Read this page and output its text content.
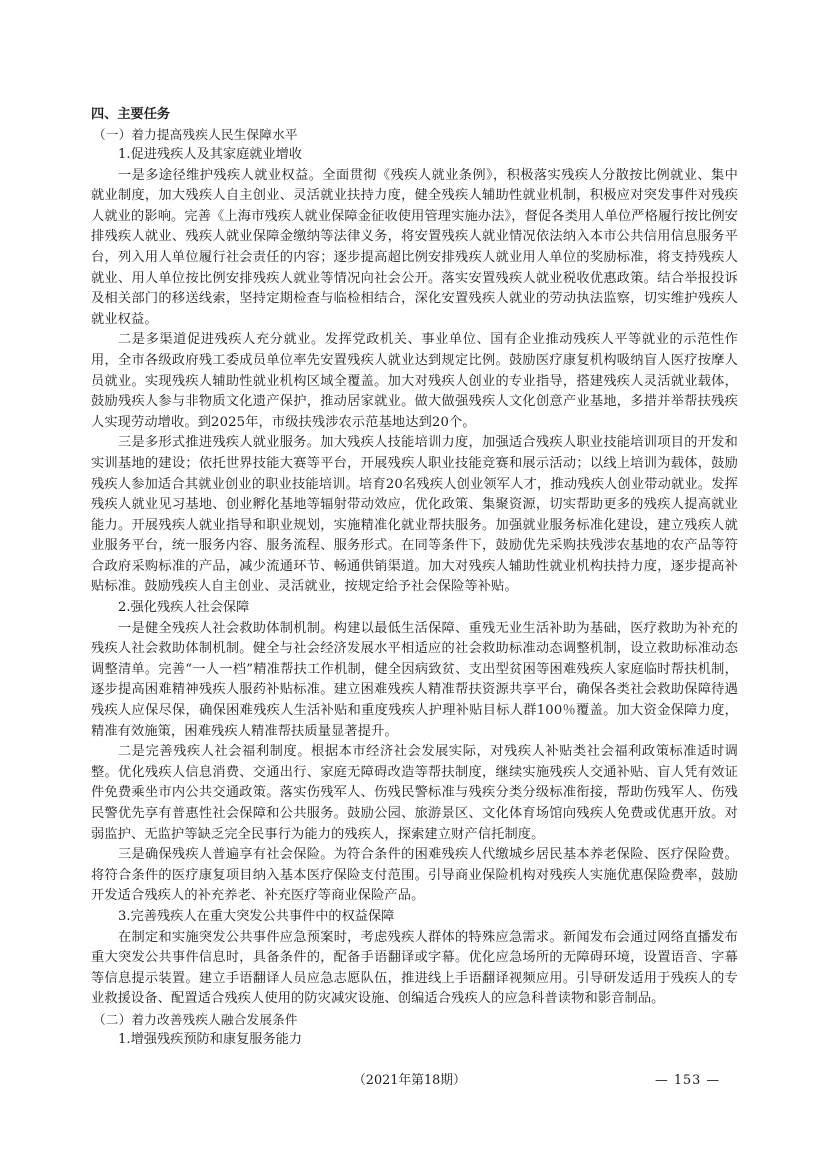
四、主要任务

（一）着力提高残疾人民生保障水平

1.促进残疾人及其家庭就业增收

一是多途径维护残疾人就业权益。全面贯彻《残疾人就业条例》，积极落实残疾人分散按比例就业、集中就业制度，加大残疾人自主创业、灵活就业扶持力度，健全残疾人辅助性就业机制，积极应对突发事件对残疾人就业的影响。完善《上海市残疾人就业保障金征收使用管理实施办法》，督促各类用人单位严格履行按比例安排残疾人就业、残疾人就业保障金缴纳等法律义务，将安置残疾人就业情况依法纳入本市公共信用信息服务平台，列入用人单位履行社会责任的内容；逐步提高超比例安排残疾人就业用人单位的奖励标准，将支持残疾人就业、用人单位按比例安排残疾人就业等情况向社会公开。落实安置残疾人就业税收优惠政策。结合举报投诉及相关部门的移送线索，坚持定期检查与临检相结合，深化安置残疾人就业的劳动执法监察，切实维护残疾人就业权益。

二是多渠道促进残疾人充分就业。发挥党政机关、事业单位、国有企业推动残疾人平等就业的示范性作用，全市各级政府残工委成员单位率先安置残疾人就业达到规定比例。鼓励医疗康复机构吸纳盲人医疗按摩人员就业。实现残疾人辅助性就业机构区域全覆盖。加大对残疾人创业的专业指导，搭建残疾人灵活就业载体，鼓励残疾人参与非物质文化遗产保护，推动居家就业。做大做强残疾人文化创意产业基地，多措并举帮扶残疾人实现劳动增收。到2025年，市级扶残涉农示范基地达到20个。

三是多形式推进残疾人就业服务。加大残疾人技能培训力度，加强适合残疾人职业技能培训项目的开发和实训基地的建设；依托世界技能大赛等平台，开展残疾人职业技能竞赛和展示活动；以线上培训为载体，鼓励残疾人参加适合其就业创业的职业技能培训。培育20名残疾人创业领军人才，推动残疾人创业带动就业。发挥残疾人就业见习基地、创业孵化基地等辐射带动效应，优化政策、集聚资源，切实帮助更多的残疾人提高就业能力。开展残疾人就业指导和职业规划，实施精准化就业帮扶服务。加强就业服务标准化建设，建立残疾人就业服务平台，统一服务内容、服务流程、服务形式。在同等条件下，鼓励优先采购扶残涉农基地的农产品等符合政府采购标准的产品，减少流通环节、畅通供销渠道。加大对残疾人辅助性就业机构扶持力度，逐步提高补贴标准。鼓励残疾人自主创业、灵活就业，按规定给予社会保险等补贴。

2.强化残疾人社会保障

一是健全残疾人社会救助体制机制。构建以最低生活保障、重残无业生活补助为基础，医疗救助为补充的残疾人社会救助体制机制。健全与社会经济发展水平相适应的社会救助标准动态调整机制，设立救助标准动态调整清单。完善“一人一档”精准帮扶工作机制，健全因病致贫、支出型贫困等困难残疾人家庭临时帮扶机制，逐步提高困难精神残疾人服药补贴标准。建立困难残疾人精准帮扶资源共享平台，确保各类社会救助保障待遇残疾人应保尽保，确保困难残疾人生活补贴和重度残疾人护理补贴目标人群100％覆盖。加大资金保障力度，精准有效施策，困难残疾人精准帮扶质量显著提升。

二是完善残疾人社会福利制度。根据本市经济社会发展实际，对残疾人补贴类社会福利政策标准适时调整。优化残疾人信息消费、交通出行、家庭无障碍改造等帮扶制度，继续实施残疾人交通补贴、盲人凭有效证件免费乘坐市内公共交通政策。落实伤残军人、伤残民警标准与残疾分类分级标准衔接，帮助伤残军人、伤残民警优先享有普惠性社会保障和公共服务。鼓励公园、旅游景区、文化体育场馆向残疾人免费或优惠开放。对弱监护、无监护等缺乏完全民事行为能力的残疾人，探索建立财产信托制度。

三是确保残疾人普遍享有社会保险。为符合条件的困难残疾人代缴城乡居民基本养老保险、医疗保险费。将符合条件的医疗康复项目纳入基本医疗保险支付范围。引导商业保险机构对残疾人实施优惠保险费率，鼓励开发适合残疾人的补充养老、补充医疗等商业保险产品。

3.完善残疾人在重大突发公共事件中的权益保障

在制定和实施突发公共事件应急预案时，考虑残疾人群体的特殊应急需求。新闻发布会通过网络直播发布重大突发公共事件信息时，具备条件的，配备手语翻译或字幕。优化应急场所的无障碍环境，设置语音、字幕等信息提示装置。建立手语翻译人员应急志愿队伍，推进线上手语翻译视频应用。引导研发适用于残疾人的专业救援设备、配置适合残疾人使用的防灾减灾设施、创编适合残疾人的应急科普读物和影音制品。

（二）着力改善残疾人融合发展条件

1.增强残疾预防和康复服务能力

（2021年第18期）	— 153 —
